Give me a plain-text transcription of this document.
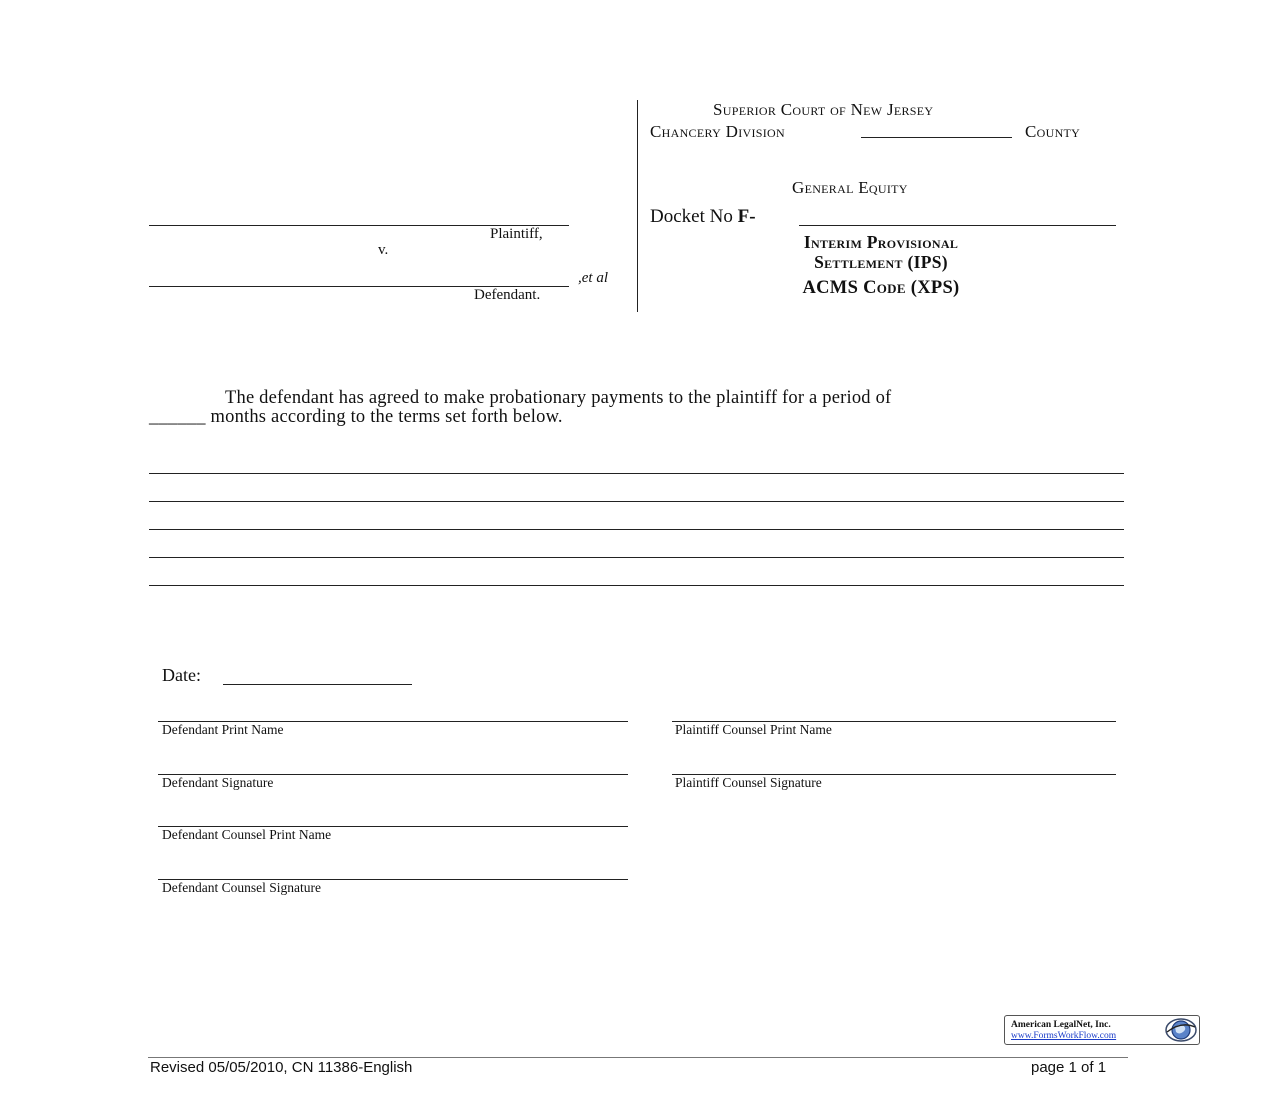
Plaintiff,
v.
,et al
Defendant.
Superior Court of New Jersey
Chancery Division	County
General Equity
Docket No F-
Interim Provisional
Settlement (IPS)
ACMS Code (XPS)
The defendant has agreed to make probationary payments to the plaintiff for a period of
______ months according to the terms set forth below.
Date:
Defendant Print Name
Defendant Signature
Defendant Counsel Print Name
Defendant Counsel Signature
Plaintiff Counsel Print Name
Plaintiff Counsel Signature
American LegalNet, Inc.
www.FormsWorkFlow.com
Revised 05/05/2010, CN 11386-English	page 1 of 1
